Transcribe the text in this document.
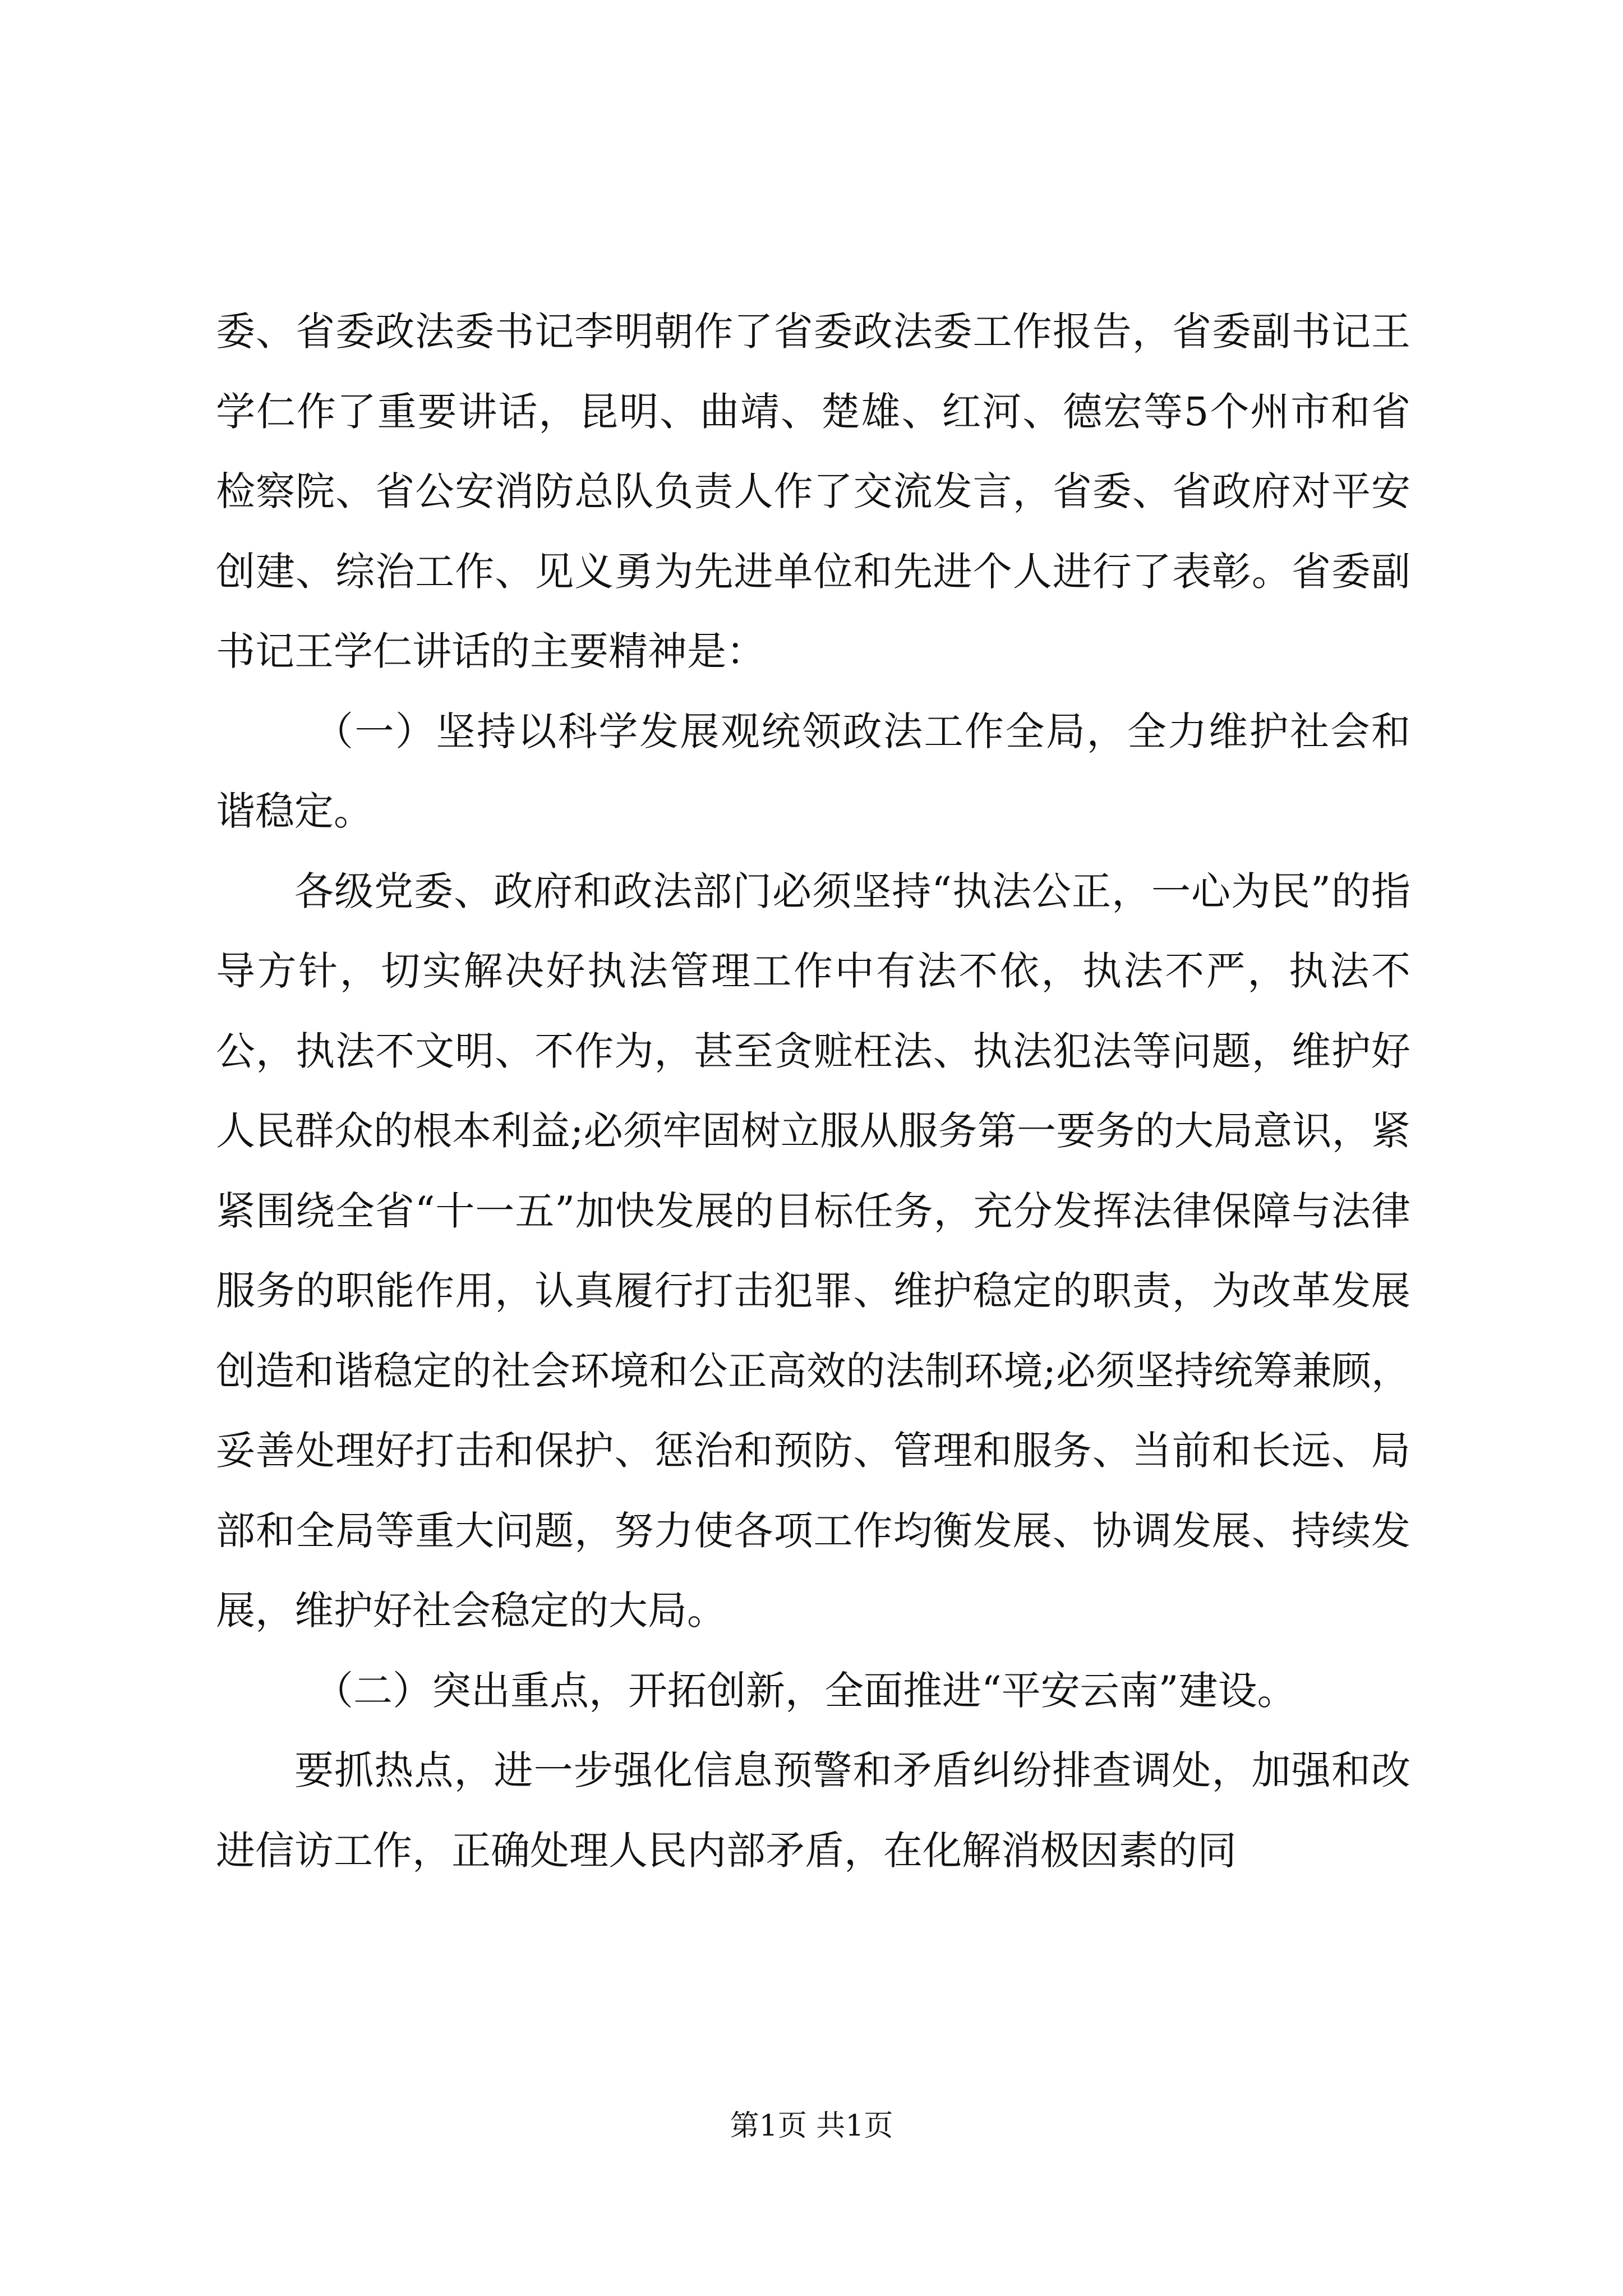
委、省委政法委书记李明朝作了省委政法委工作报告，省委副书记王学仁作了重要讲话，昆明、曲靖、楚雄、红河、德宏等5个州市和省检察院、省公安消防总队负责人作了交流发言，省委、省政府对平安创建、综治工作、见义勇为先进单位和先进个人进行了表彰。省委副书记王学仁讲话的主要精神是：

（一）坚持以科学发展观统领政法工作全局，全力维护社会和谐稳定。

各级党委、政府和政法部门必须坚持“执法公正，一心为民”的指导方针，切实解决好执法管理工作中有法不依，执法不严，执法不公，执法不文明、不作为，甚至贪赃枉法、执法犯法等问题，维护好人民群众的根本利益;必须牢固树立服从服务第一要务的大局意识，紧紧围绕全省“十一五”加快发展的目标任务，充分发挥法律保障与法律服务的职能作用，认真履行打击犯罪、维护稳定的职责，为改革发展创造和谐稳定的社会环境和公正高效的法制环境;必须坚持统筹兼顾，妥善处理好打击和保护、惩治和预防、管理和服务、当前和长远、局部和全局等重大问题，努力使各项工作均衡发展、协调发展、持续发展，维护好社会稳定的大局。

（二）突出重点，开拓创新，全面推进“平安云南”建设。

要抓热点，进一步强化信息预警和矛盾纠纷排查调处，加强和改进信访工作，正确处理人民内部矛盾，在化解消极因素的同

第1页 共1页
